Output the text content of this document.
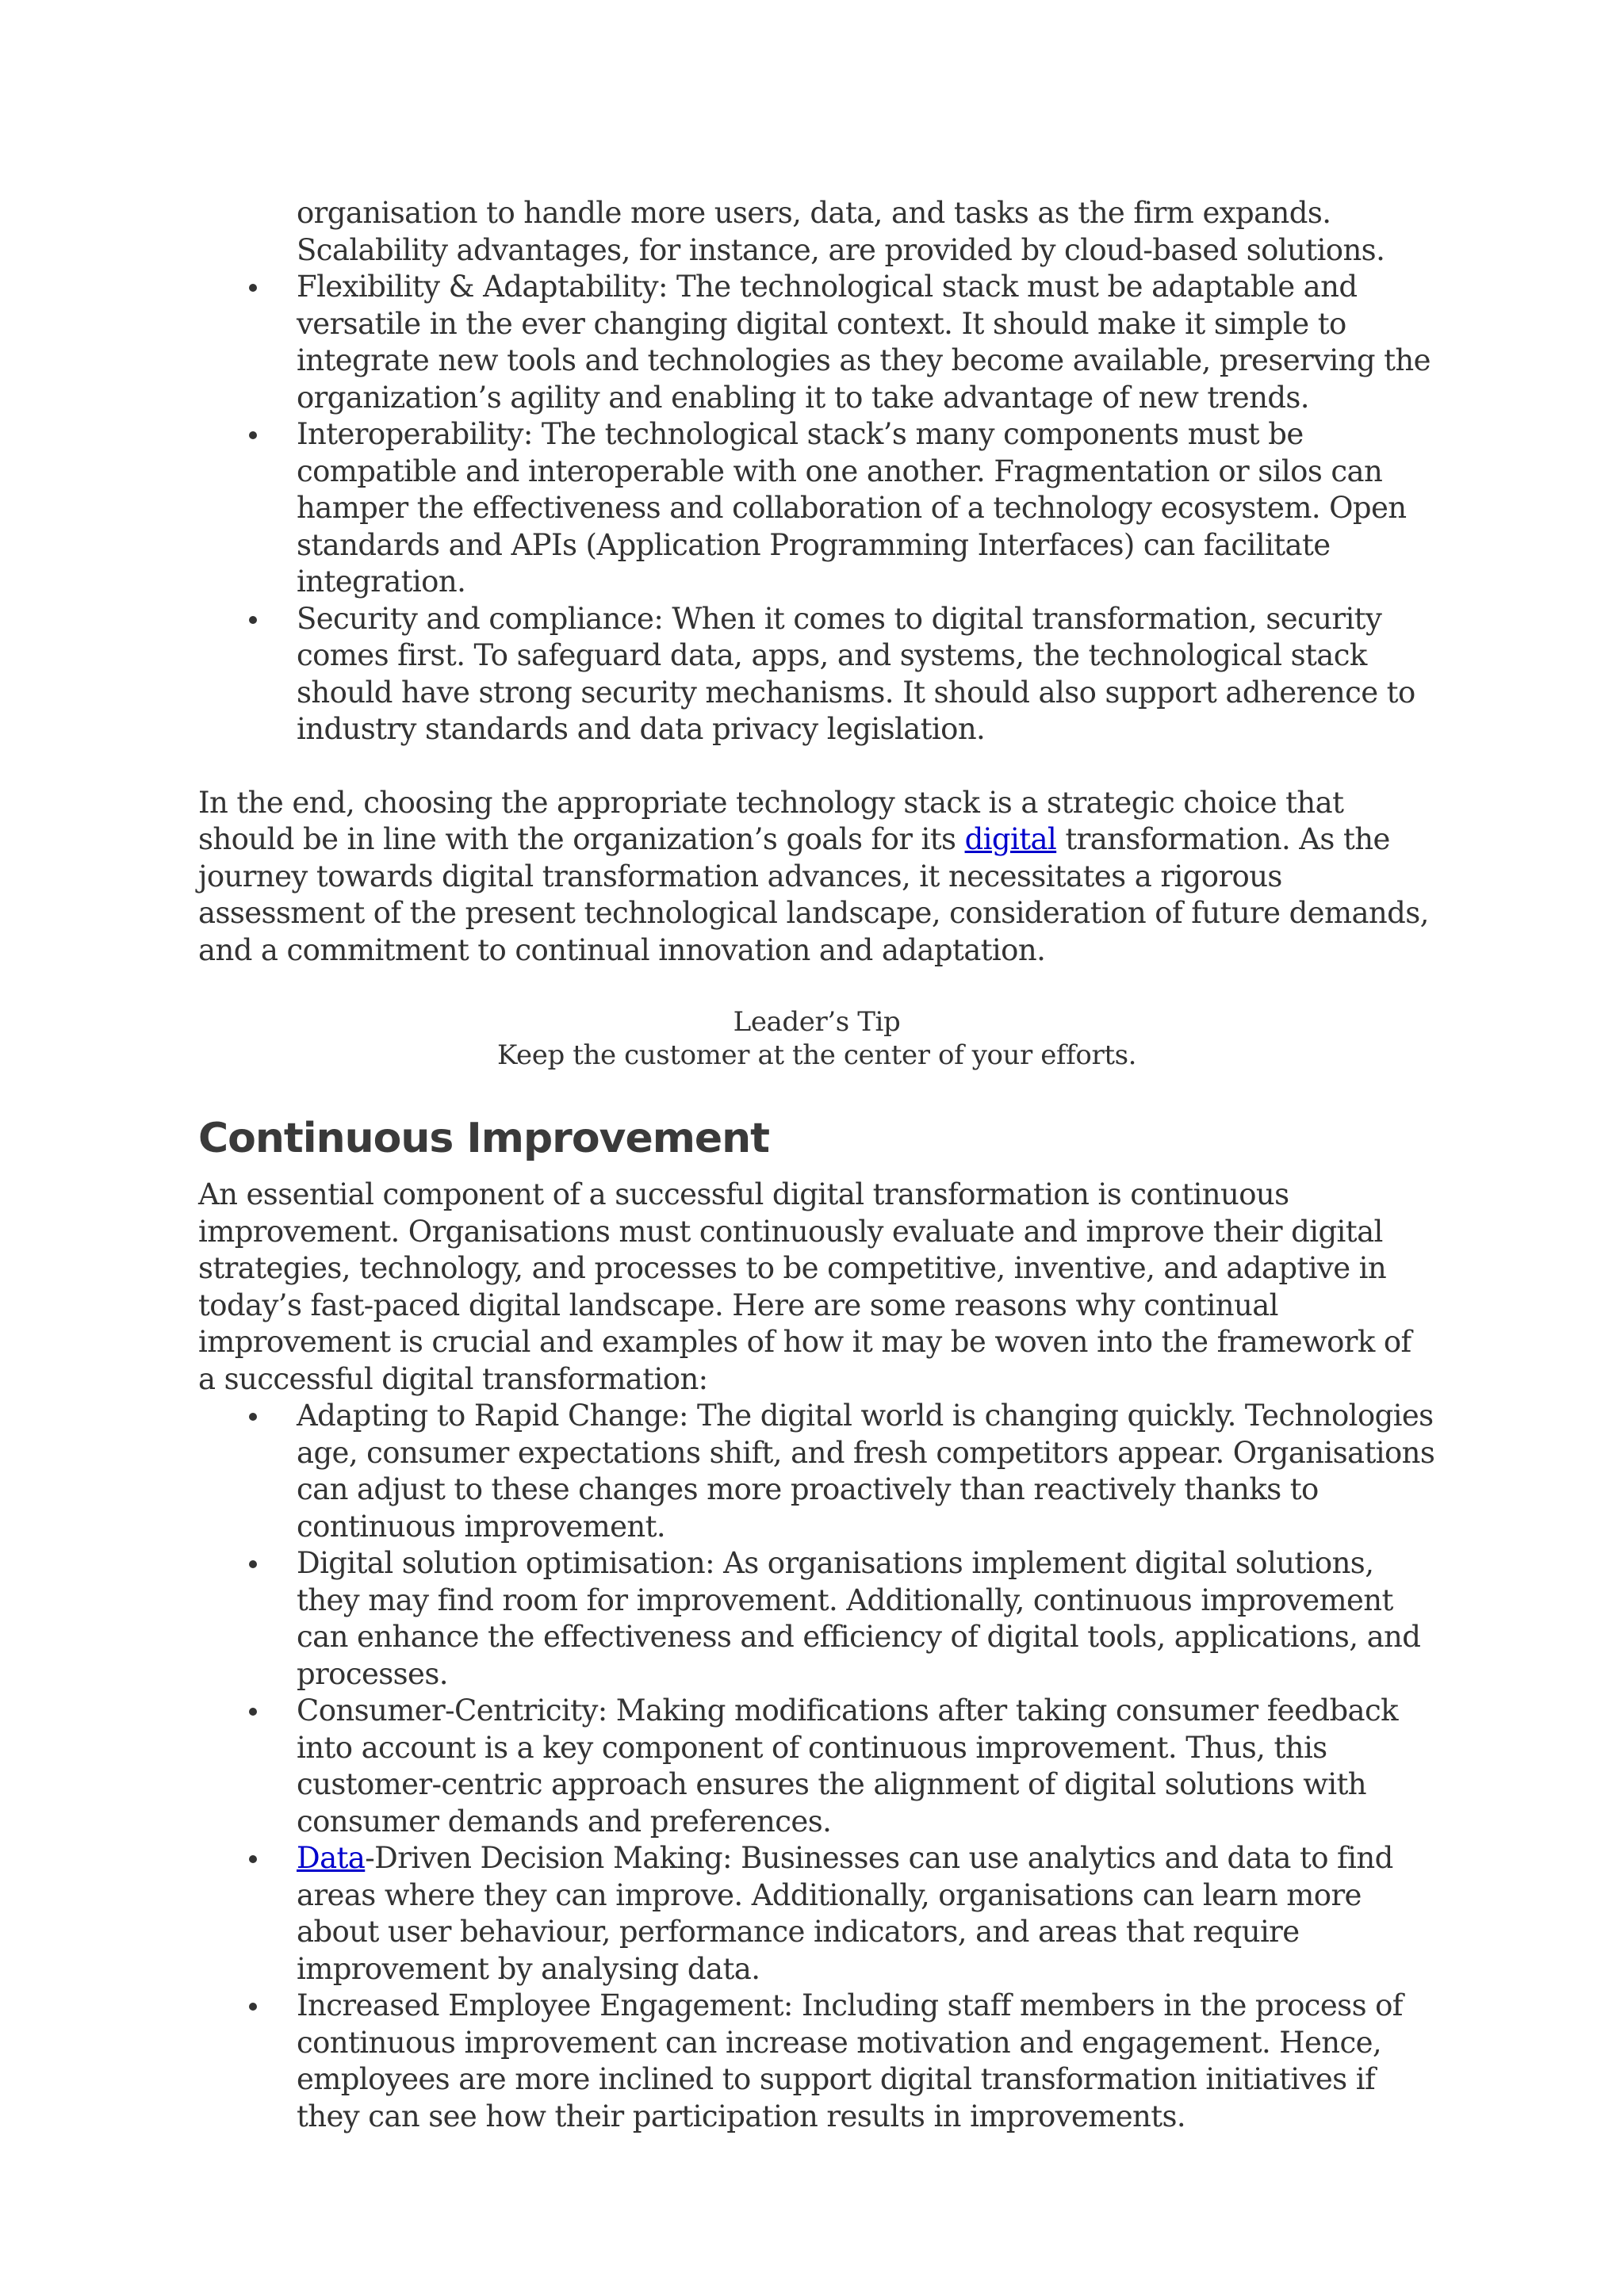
organisation to handle more users, data, and tasks as the firm expands. Scalability advantages, for instance, are provided by cloud-based solutions.
Flexibility & Adaptability: The technological stack must be adaptable and versatile in the ever changing digital context. It should make it simple to integrate new tools and technologies as they become available, preserving the organization’s agility and enabling it to take advantage of new trends.
Interoperability: The technological stack’s many components must be compatible and interoperable with one another. Fragmentation or silos can hamper the effectiveness and collaboration of a technology ecosystem. Open standards and APIs (Application Programming Interfaces) can facilitate integration.
Security and compliance: When it comes to digital transformation, security comes first. To safeguard data, apps, and systems, the technological stack should have strong security mechanisms. It should also support adherence to industry standards and data privacy legislation.

In the end, choosing the appropriate technology stack is a strategic choice that should be in line with the organization’s goals for its digital transformation. As the journey towards digital transformation advances, it necessitates a rigorous assessment of the present technological landscape, consideration of future demands, and a commitment to continual innovation and adaptation.

Leader’s Tip
Keep the customer at the center of your efforts.
Continuous Improvement

An essential component of a successful digital transformation is continuous improvement. Organisations must continuously evaluate and improve their digital strategies, technology, and processes to be competitive, inventive, and adaptive in today’s fast-paced digital landscape. Here are some reasons why continual improvement is crucial and examples of how it may be woven into the framework of a successful digital transformation:

Adapting to Rapid Change: The digital world is changing quickly. Technologies age, consumer expectations shift, and fresh competitors appear. Organisations can adjust to these changes more proactively than reactively thanks to continuous improvement.
Digital solution optimisation: As organisations implement digital solutions, they may find room for improvement. Additionally, continuous improvement can enhance the effectiveness and efficiency of digital tools, applications, and processes.
Consumer-Centricity: Making modifications after taking consumer feedback into account is a key component of continuous improvement. Thus, this customer-centric approach ensures the alignment of digital solutions with consumer demands and preferences.
Data-Driven Decision Making: Businesses can use analytics and data to find areas where they can improve. Additionally, organisations can learn more about user behaviour, performance indicators, and areas that require improvement by analysing data.
Increased Employee Engagement: Including staff members in the process of continuous improvement can increase motivation and engagement. Hence, employees are more inclined to support digital transformation initiatives if they can see how their participation results in improvements.
